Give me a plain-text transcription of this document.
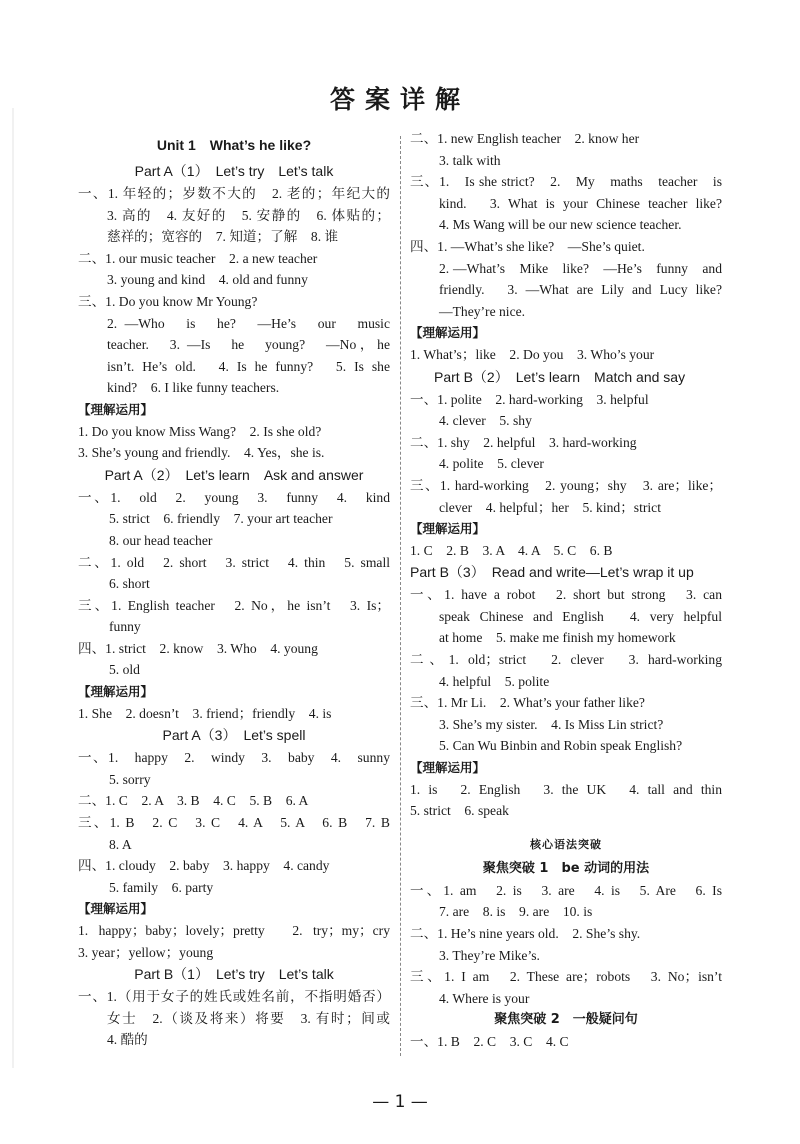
答案详解
Unit 1　What’s he like?
Part A（1）　Let’s try　Let’s talk
一、1. 年轻的；岁数不大的　2. 老的；年纪大的
3. 高的　4. 友好的　5. 安静的　6. 体贴的；
慈祥的；宽容的　7. 知道；了解　8. 谁
二、1. our music teacher　2. a new teacher
3. young and kind　4. old and funny
三、1. Do you know Mr Young?
2. —Who　is　he?　—He’s　our　music
teacher.　3. —Is　he　young?　—No，he
isn’t. He’s old.　4. Is he funny?　5. Is she
kind?　6. I like funny teachers.
【理解运用】
1. Do you know Miss Wang?　2. Is she old?
3. She’s young and friendly.　4. Yes，she is.
Part A（2）　Let’s learn　Ask and answer
一、1.　old　2.　young　3.　funny　4.　kind
5. strict　6. friendly　7. your art teacher
8. our head teacher
二、1. old　2. short　3. strict　4. thin　5. small
6. short
三、1. English teacher　2. No，he isn’t　3. Is；
funny
四、1. strict　2. know　3. Who　4. young
5. old
【理解运用】
1. She　2. doesn’t　3. friend；friendly　4. is
Part A（3）　Let’s spell
一、1.　happy　2.　windy　3.　baby　4.　sunny
5. sorry
二、1. C　2. A　3. B　4. C　5. B　6. A
三、1. B　2. C　3. C　4. A　5. A　6. B　7. B
8. A
四、1. cloudy　2. baby　3. happy　4. candy
5. family　6. party
【理解运用】
1. happy；baby；lovely；pretty　2. try；my；cry
3. year；yellow；young
Part B（1）　Let’s try　Let’s talk
一、1.（用于女子的姓氏或姓名前，不指明婚否）
女士　2.（谈及将来）将要　3. 有时；间或
4. 酷的
二、1. new English teacher　2. know her
3. talk with
三、1.　Is she strict?　2.　My　maths　teacher　is
kind.　3. What is your Chinese teacher like?
4. Ms Wang will be our new science teacher.
四、1. —What’s she like?　—She’s quiet.
2. —What’s　Mike　like?　—He’s　funny　and
friendly.　3. —What are Lily and Lucy like?
—They’re nice.
【理解运用】
1. What’s；like　2. Do you　3. Who’s your
Part B（2）　Let’s learn　Match and say
一、1. polite　2. hard-working　3. helpful
4. clever　5. shy
二、1. shy　2. helpful　3. hard-working
4. polite　5. clever
三、1. hard-working　2. young；shy　3. are；like；
clever　4. helpful；her　5. kind；strict
【理解运用】
1. C　2. B　3. A　4. A　5. C　6. B
Part B（3）　Read and write—Let’s wrap it up
一、1. have a robot　2. short but strong　3. can
speak Chinese and English　4. very helpful
at home　5. make me finish my homework
二、1. old；strict　2. clever　3. hard-working
4. helpful　5. polite
三、1. Mr Li.　2. What’s your father like?
3. She’s my sister.　4. Is Miss Lin strict?
5. Can Wu Binbin and Robin speak English?
【理解运用】
1. is　2. English　3. the UK　4. tall and thin
5. strict　6. speak
核心语法突破
聚焦突破 1　be 动词的用法
一、1. am　2. is　3. are　4. is　5. Are　6. Is
7. are　8. is　9. are　10. is
二、1. He’s nine years old.　2. She’s shy.
3. They’re Mike’s.
三、1. I am　2. These are；robots　3. No；isn’t
4. Where is your
聚焦突破 2　一般疑问句
一、1. B　2. C　3. C　4. C
— 1 —
